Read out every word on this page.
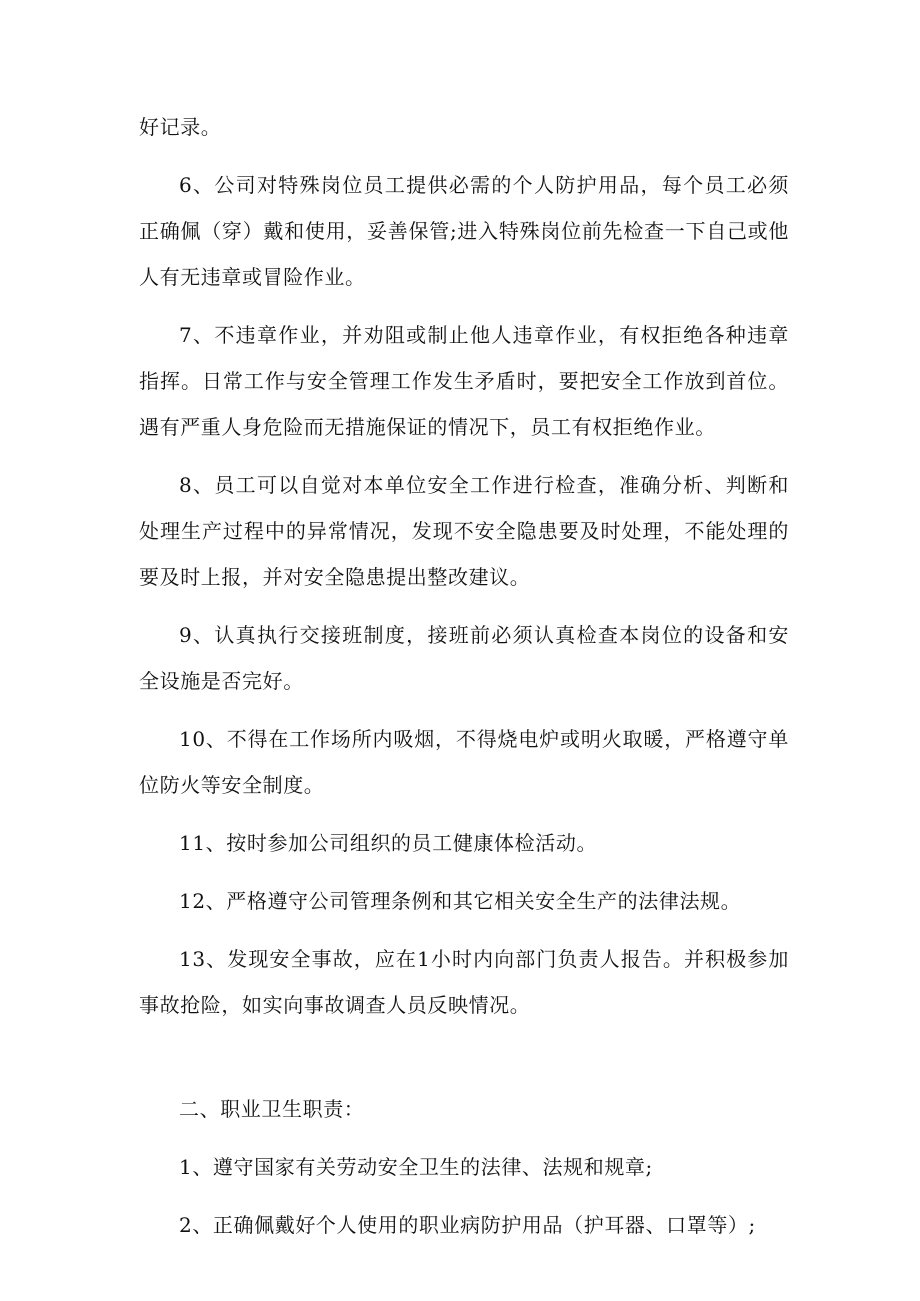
好记录。

6、公司对特殊岗位员工提供必需的个人防护用品，每个员工必须正确佩（穿）戴和使用，妥善保管;进入特殊岗位前先检查一下自己或他人有无违章或冒险作业。

7、不违章作业，并劝阻或制止他人违章作业，有权拒绝各种违章指挥。日常工作与安全管理工作发生矛盾时，要把安全工作放到首位。遇有严重人身危险而无措施保证的情况下，员工有权拒绝作业。

8、员工可以自觉对本单位安全工作进行检查，准确分析、判断和处理生产过程中的异常情况，发现不安全隐患要及时处理，不能处理的要及时上报，并对安全隐患提出整改建议。

9、认真执行交接班制度，接班前必须认真检查本岗位的设备和安全设施是否完好。

10、不得在工作场所内吸烟，不得烧电炉或明火取暖，严格遵守单位防火等安全制度。

11、按时参加公司组织的员工健康体检活动。

12、严格遵守公司管理条例和其它相关安全生产的法律法规。

13、发现安全事故，应在1小时内向部门负责人报告。并积极参加事故抢险，如实向事故调查人员反映情况。

二、职业卫生职责：

1、遵守国家有关劳动安全卫生的法律、法规和规章;

2、正确佩戴好个人使用的职业病防护用品（护耳器、口罩等）;
